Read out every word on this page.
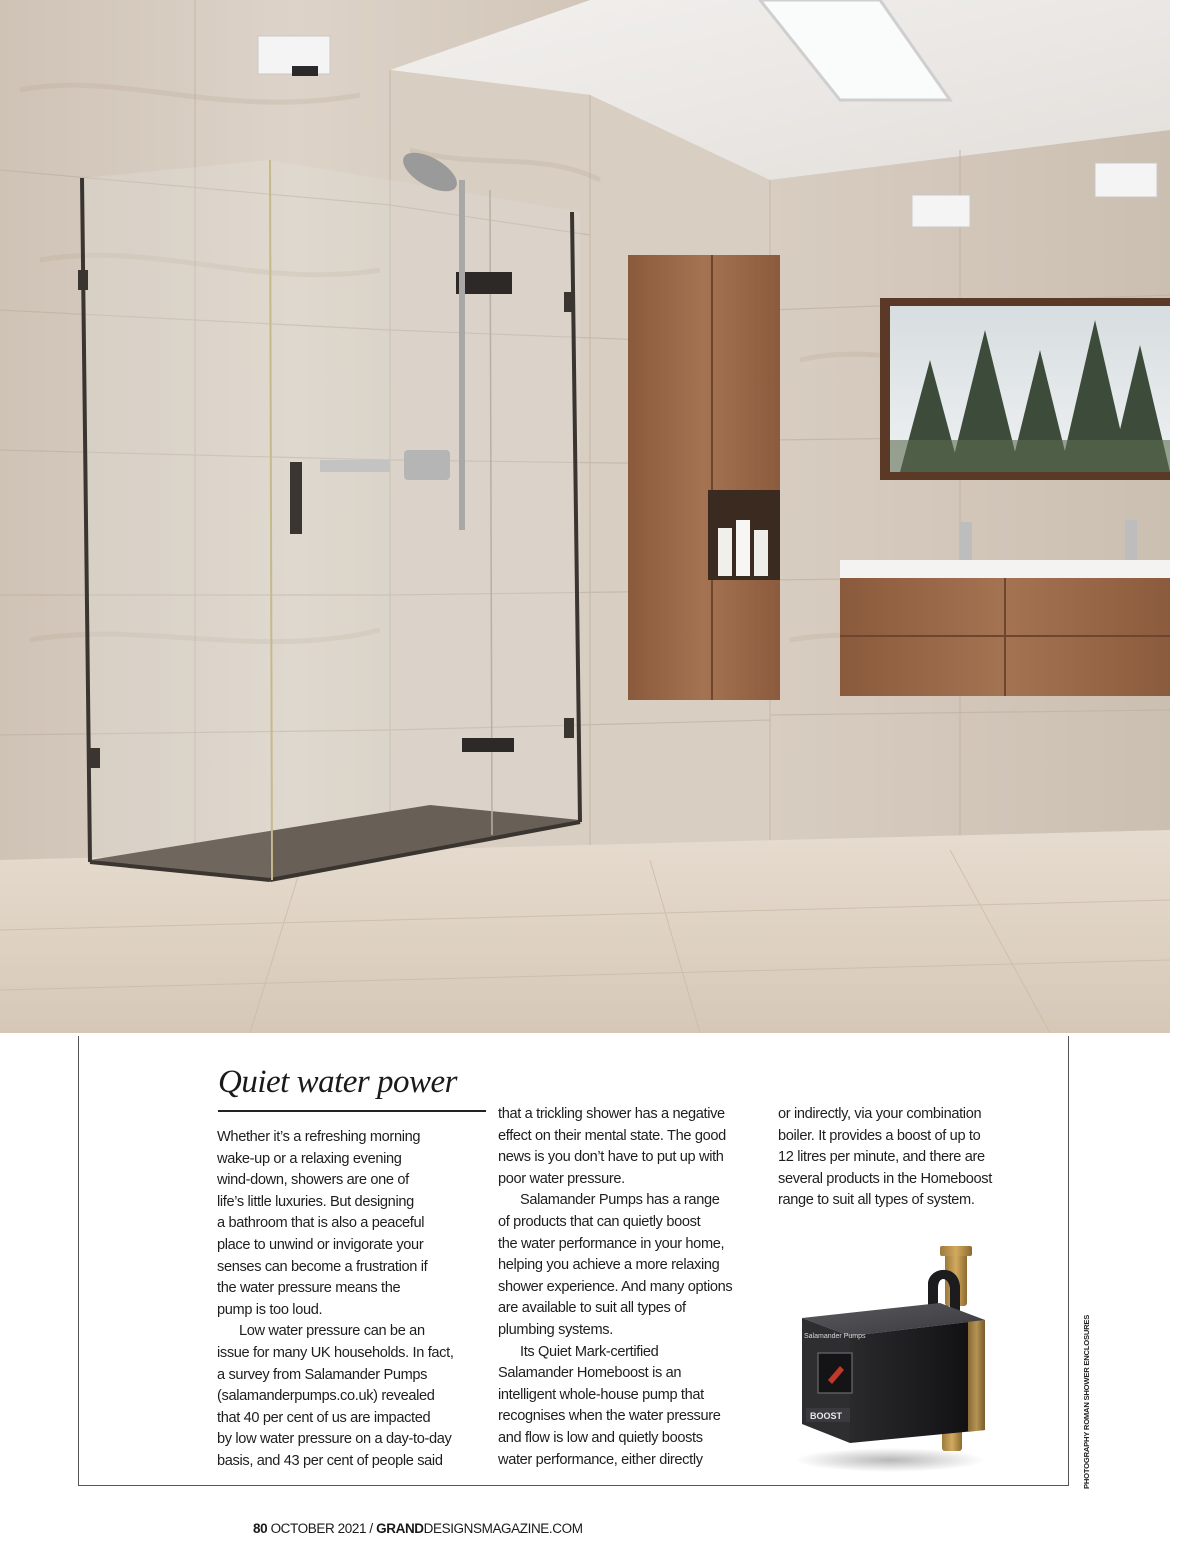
Quiet water power
Whether it’s a refreshing morning
wake-up or a relaxing evening
wind-down, showers are one of
life’s little luxuries. But designing
a bathroom that is also a peaceful
place to unwind or invigorate your
senses can become a frustration if
the water pressure means the
pump is too loud.
Low water pressure can be an
issue for many UK households. In fact,
a survey from Salamander Pumps
(salamanderpumps.co.uk) revealed
that 40 per cent of us are impacted
by low water pressure on a day-to-day
basis, and 43 per cent of people said
that a trickling shower has a negative
effect on their mental state. The good
news is you don’t have to put up with
poor water pressure.
Salamander Pumps has a range
of products that can quietly boost
the water performance in your home,
helping you achieve a more relaxing
shower experience. And many options
are available to suit all types of
plumbing systems.
Its Quiet Mark-certified
Salamander Homeboost is an
intelligent whole-house pump that
recognises when the water pressure
and flow is low and quietly boosts
water performance, either directly
or indirectly, via your combination
boiler. It provides a boost of up to
12 litres per minute, and there are
several products in the Homeboost
range to suit all types of system.
Salamander Pumps
BOOST	PHOTOGRAPHY ROMAN SHOWER ENCLOSURES
80 OCTOBER 2021 / GRANDDESIGNSMAGAZINE.COM
